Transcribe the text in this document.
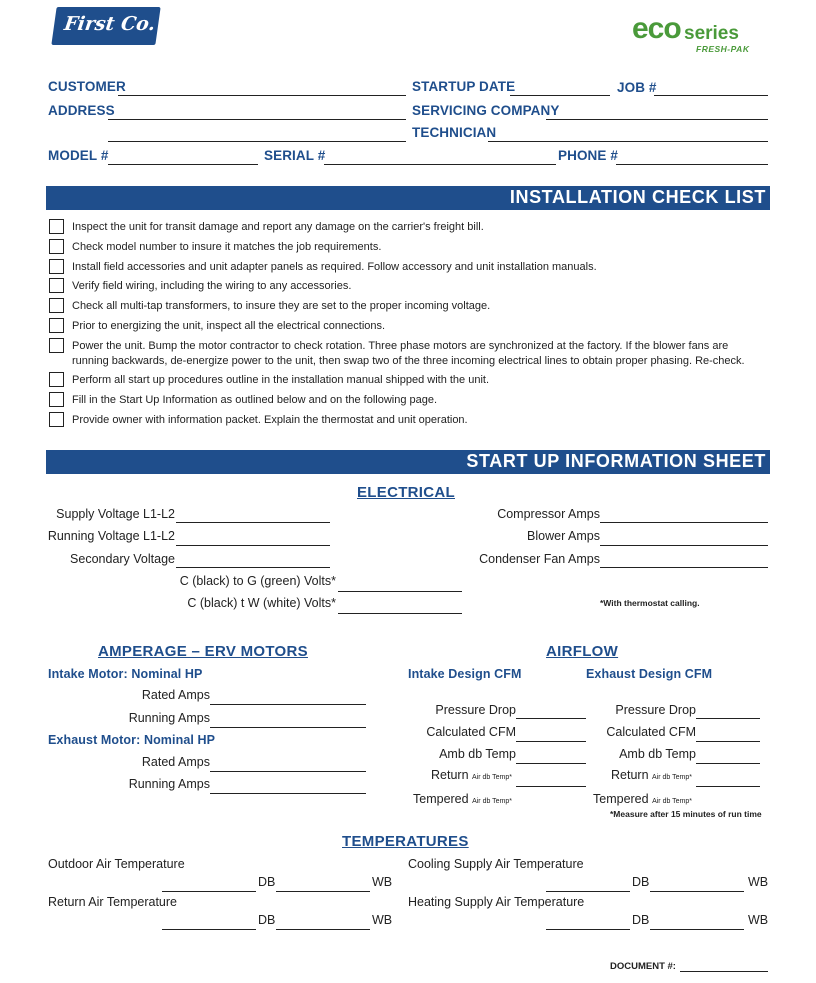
First Co.	eco series
FRESH-PAK
CUSTOMER	STARTUP DATE	JOB #
ADDRESS	SERVICING COMPANY
TECHNICIAN
MODEL #	SERIAL #	PHONE #
INSTALLATION CHECK LIST
Inspect the unit for transit damage and report any damage on the carrier's freight bill.
Check model number to insure it matches the job requirements.
Install field accessories and unit adapter panels as required. Follow accessory and unit installation manuals.
Verify field wiring, including the wiring to any accessories.
Check all multi-tap transformers, to insure they are set to the proper incoming voltage.
Prior to energizing the unit, inspect all the electrical connections.
Power the unit. Bump the motor contractor to check rotation. Three phase motors are synchronized at the factory. If the blower fans are running backwards, de-energize power to the unit, then swap two of the three incoming electrical lines to obtain proper phasing. Re-check.
Perform all start up procedures outline in the installation manual shipped with the unit.
Fill in the Start Up Information as outlined below and on the following page.
Provide owner with information packet. Explain the thermostat and unit operation.
START UP INFORMATION SHEET
ELECTRICAL
Supply Voltage L1-L2
Running Voltage L1-L2
Secondary Voltage
Compressor Amps
Blower Amps
Condenser Fan Amps
C (black) to G (green) Volts*
C (black) t W (white) Volts*	*With thermostat calling.
AMPERAGE – ERV MOTORS
Intake Motor: Nominal HP
Rated Amps
Running Amps
Exhaust Motor: Nominal HP
Rated Amps
Running Amps
AIRFLOW
Intake Design CFM	Exhaust Design CFM
Pressure Drop
Calculated CFM
Amb db Temp
Return Air db Temp*
Tempered Air db Temp*
Pressure Drop
Calculated CFM
Amb db Temp
Return Air db Temp*
Tempered Air db Temp*
*Measure after 15 minutes of run time
TEMPERATURES
Outdoor Air Temperature
DB	WB
Return Air Temperature
DB	WB
Cooling Supply Air Temperature
DB	WB
Heating Supply Air Temperature
DB	WB
DOCUMENT #:
